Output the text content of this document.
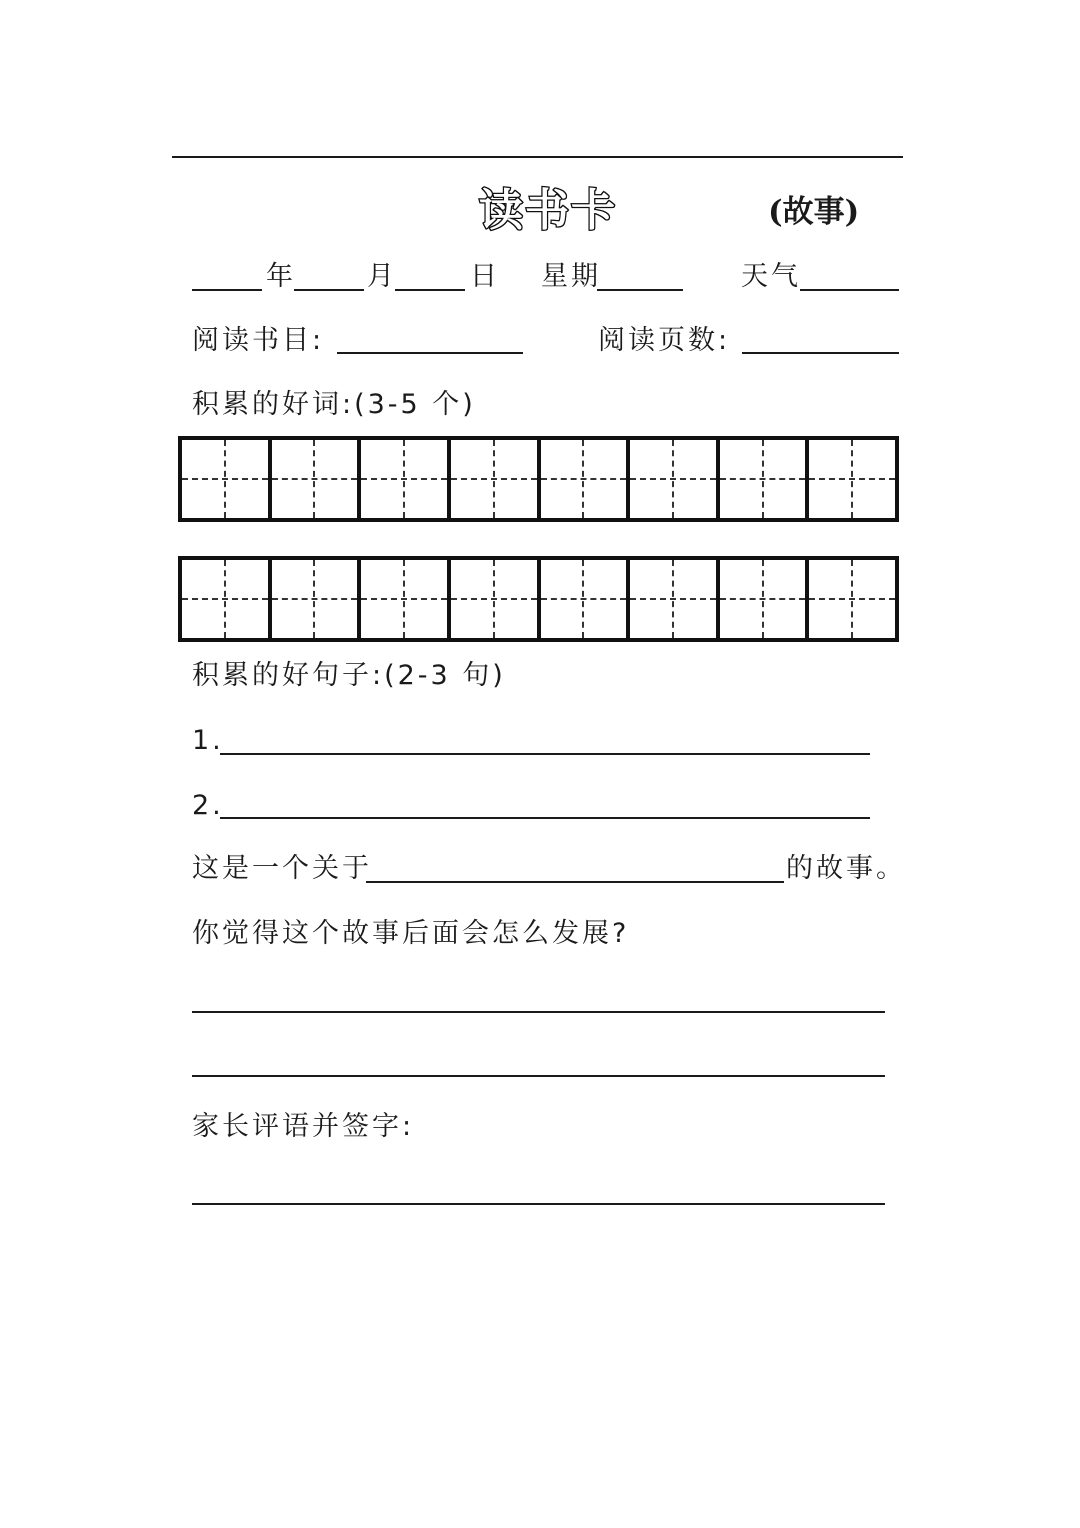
读书卡	(故事)
年	月	日 星期	天气
阅读书目:	阅读页数:
积累的好词:(3-5 个)
积累的好句子:(2-3 句)
1.
2.
这是一个关于	的故事。
你觉得这个故事后面会怎么发展?
家长评语并签字:
